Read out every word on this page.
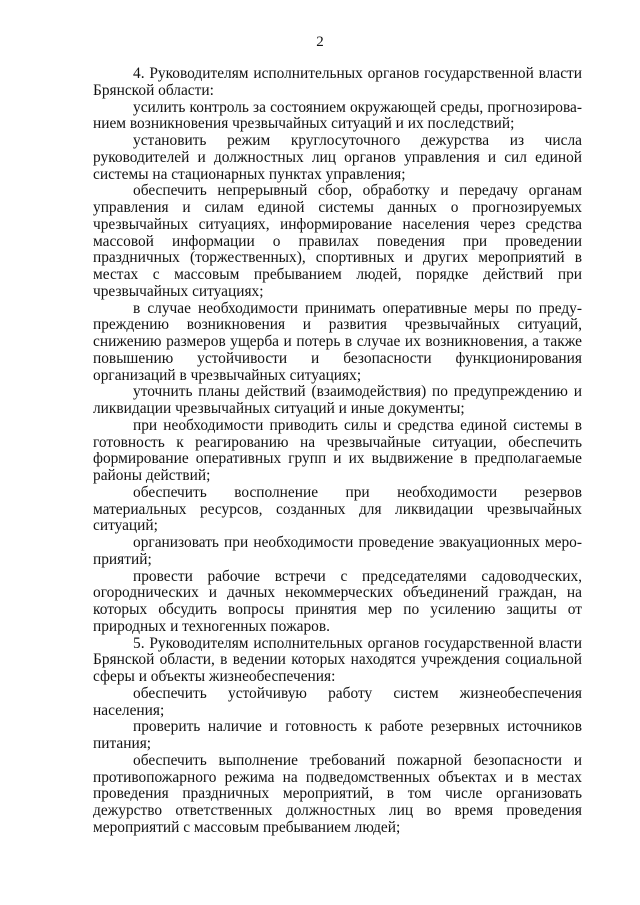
2

4. Руководителям исполнительных органов государственной власти Брянской области:

усилить контроль за состоянием окружающей среды, прогнозированием возникновения чрезвычайных ситуаций и их последствий;

установить режим круглосуточного дежурства из числа руководителей и должностных лиц органов управления и сил единой системы на стационарных пунктах управления;

обеспечить непрерывный сбор, обработку и передачу органам управления и силам единой системы данных о прогнозируемых чрезвычайных ситуациях, информирование населения через средства массовой информации о правилах поведения при проведении праздничных (торжественных), спортивных и других мероприятий в местах с массовым пребыванием людей, порядке действий при чрезвычайных ситуациях;

в случае необходимости принимать оперативные меры по предупреждению возникновения и развития чрезвычайных ситуаций, снижению размеров ущерба и потерь в случае их возникновения, а также повышению устойчивости и безопасности функционирования организаций в чрезвычайных ситуациях;

уточнить планы действий (взаимодействия) по предупреждению и ликвидации чрезвычайных ситуаций и иные документы;

при необходимости приводить силы и средства единой системы в готовность к реагированию на чрезвычайные ситуации, обеспечить формирование оперативных групп и их выдвижение в предполагаемые районы действий;

обеспечить восполнение при необходимости резервов материальных ресурсов, созданных для ликвидации чрезвычайных ситуаций;

организовать при необходимости проведение эвакуационных мероприятий;

провести рабочие встречи с председателями садоводческих, огороднических и дачных некоммерческих объединений граждан, на которых обсудить вопросы принятия мер по усилению защиты от природных и техногенных пожаров.

5. Руководителям исполнительных органов государственной власти Брянской области, в ведении которых находятся учреждения социальной сферы и объекты жизнеобеспечения:

обеспечить устойчивую работу систем жизнеобеспечения населения;

проверить наличие и готовность к работе резервных источников питания;

обеспечить выполнение требований пожарной безопасности и противопожарного режима на подведомственных объектах и в местах проведения праздничных мероприятий, в том числе организовать дежурство ответственных должностных лиц во время проведения мероприятий с массовым пребыванием людей;
